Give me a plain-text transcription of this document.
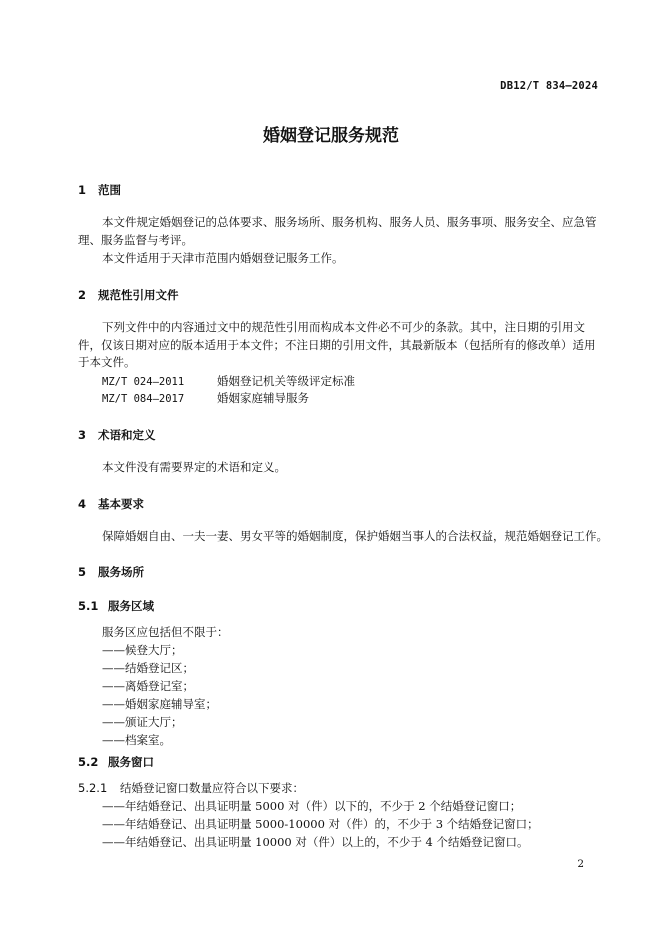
DB12/T 834—2024
婚姻登记服务规范
1 范围
本文件规定婚姻登记的总体要求、服务场所、服务机构、服务人员、服务事项、服务安全、应急管理、服务监督与考评。
本文件适用于天津市范围内婚姻登记服务工作。
2 规范性引用文件
下列文件中的内容通过文中的规范性引用而构成本文件必不可少的条款。其中，注日期的引用文件，仅该日期对应的版本适用于本文件；不注日期的引用文件，其最新版本（包括所有的修改单）适用于本文件。
MZ/T 024—2011	婚姻登记机关等级评定标准
MZ/T 084—2017	婚姻家庭辅导服务
3 术语和定义
本文件没有需要界定的术语和定义。
4 基本要求
保障婚姻自由、一夫一妻、男女平等的婚姻制度，保护婚姻当事人的合法权益，规范婚姻登记工作。
5 服务场所
5.1 服务区域
服务区应包括但不限于：
——候登大厅；
——结婚登记区；
——离婚登记室；
——婚姻家庭辅导室；
——颁证大厅；
——档案室。
5.2 服务窗口
5.2.1 结婚登记窗口数量应符合以下要求：
——年结婚登记、出具证明量 5000 对（件）以下的，不少于 2 个结婚登记窗口；
——年结婚登记、出具证明量 5000-10000 对（件）的，不少于 3 个结婚登记窗口；
——年结婚登记、出具证明量 10000 对（件）以上的，不少于 4 个结婚登记窗口。
2
